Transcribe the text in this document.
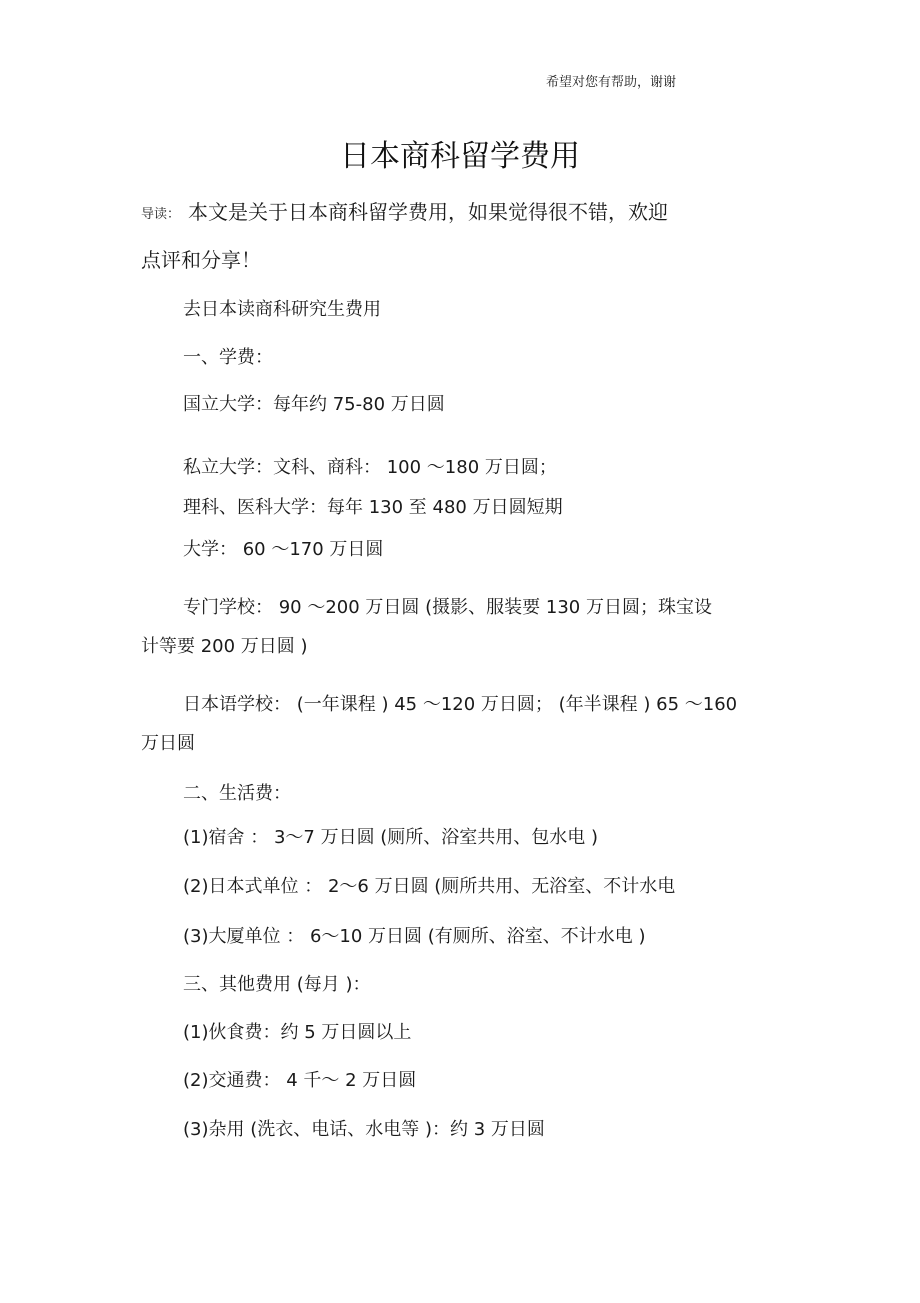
希望对您有帮助，谢谢
日本商科留学费用
导读： 本文是关于日本商科留学费用，如果觉得很不错，欢迎
点评和分享！
去日本读商科研究生费用
一、学费：
国立大学：每年约 75-80 万日圆
私立大学：文科、商科： 100 ～180 万日圆；
理科、医科大学：每年 130 至 480 万日圆短期
大学： 60 ～170 万日圆
专门学校： 90 ～200 万日圆 (摄影、服装要 130 万日圆；珠宝设
计等要 200 万日圆 )
日本语学校： (一年课程 ) 45 ～120 万日圆； (年半课程 ) 65 ～160
万日圆
二、生活费：
(1)宿舍 ： 3～7 万日圆 (厕所、浴室共用、包水电 )
(2)日本式单位 ： 2～6 万日圆 (厕所共用、无浴室、不计水电
(3)大厦单位 ： 6～10 万日圆 (有厕所、浴室、不计水电 )
三、其他费用 (每月 )：
(1)伙食费：约 5 万日圆以上
(2)交通费： 4 千～ 2 万日圆
(3)杂用 (洗衣、电话、水电等 )：约 3 万日圆
